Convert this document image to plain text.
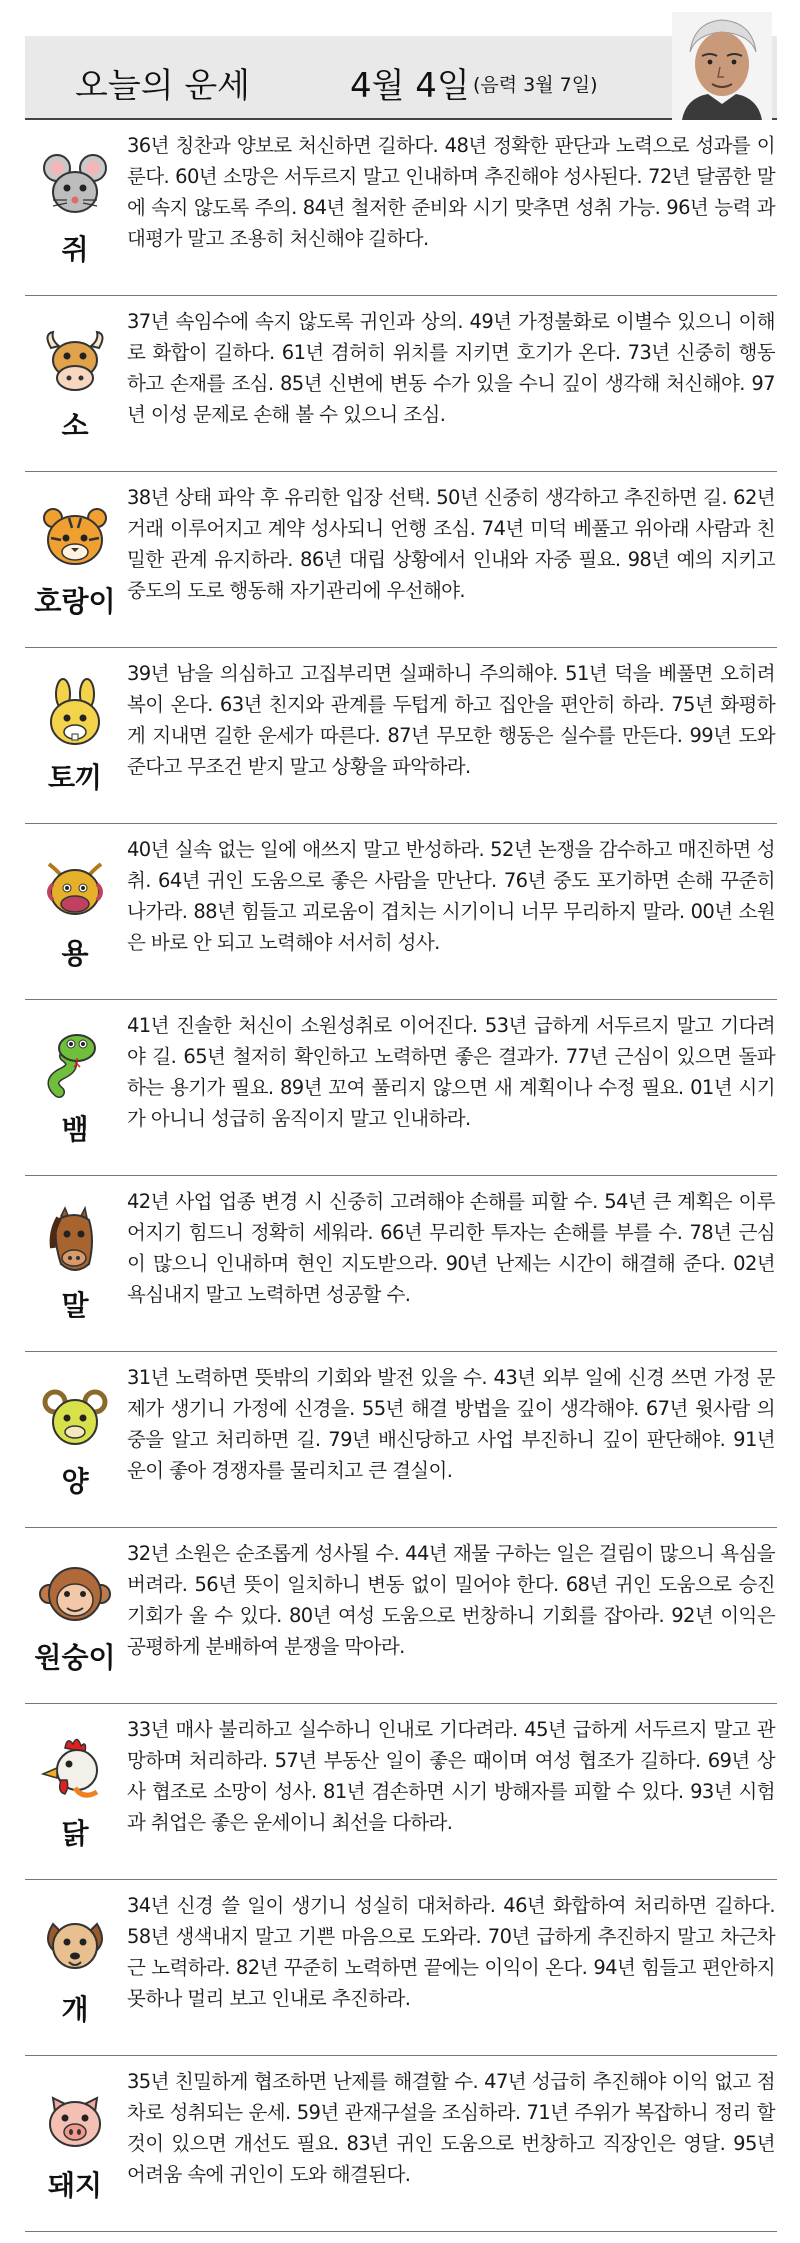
오늘의 운세	4월 4일 (음력 3월 7일)
쥐
36년 칭찬과 양보로 처신하면 길하다. 48년 정확한 판단과 노력으로 성과를 이룬다. 60년 소망은 서두르지 말고 인내하며 추진해야 성사된다. 72년 달콤한 말에 속지 않도록 주의. 84년 철저한 준비와 시기 맞추면 성취 가능. 96년 능력 과대평가 말고 조용히 처신해야 길하다.
소
37년 속임수에 속지 않도록 귀인과 상의. 49년 가정불화로 이별수 있으니 이해로 화합이 길하다. 61년 겸허히 위치를 지키면 호기가 온다. 73년 신중히 행동하고 손재를 조심. 85년 신변에 변동 수가 있을 수니 깊이 생각해 처신해야. 97년 이성 문제로 손해 볼 수 있으니 조심.
호랑이
38년 상태 파악 후 유리한 입장 선택. 50년 신중히 생각하고 추진하면 길. 62년 거래 이루어지고 계약 성사되니 언행 조심. 74년 미덕 베풀고 위아래 사람과 친밀한 관계 유지하라. 86년 대립 상황에서 인내와 자중 필요. 98년 예의 지키고 중도의 도로 행동해 자기관리에 우선해야.
토끼
39년 남을 의심하고 고집부리면 실패하니 주의해야. 51년 덕을 베풀면 오히려 복이 온다. 63년 친지와 관계를 두텁게 하고 집안을 편안히 하라. 75년 화평하게 지내면 길한 운세가 따른다. 87년 무모한 행동은 실수를 만든다. 99년 도와준다고 무조건 받지 말고 상황을 파악하라.
용
40년 실속 없는 일에 애쓰지 말고 반성하라. 52년 논쟁을 감수하고 매진하면 성취. 64년 귀인 도움으로 좋은 사람을 만난다. 76년 중도 포기하면 손해 꾸준히 나가라. 88년 힘들고 괴로움이 겹치는 시기이니 너무 무리하지 말라. 00년 소원은 바로 안 되고 노력해야 서서히 성사.
뱀
41년 진솔한 처신이 소원성취로 이어진다. 53년 급하게 서두르지 말고 기다려야 길. 65년 철저히 확인하고 노력하면 좋은 결과가. 77년 근심이 있으면 돌파하는 용기가 필요. 89년 꼬여 풀리지 않으면 새 계획이나 수정 필요. 01년 시기가 아니니 성급히 움직이지 말고 인내하라.
말
42년 사업 업종 변경 시 신중히 고려해야 손해를 피할 수. 54년 큰 계획은 이루어지기 힘드니 정확히 세워라. 66년 무리한 투자는 손해를 부를 수. 78년 근심이 많으니 인내하며 현인 지도받으라. 90년 난제는 시간이 해결해 준다. 02년 욕심내지 말고 노력하면 성공할 수.
양
31년 노력하면 뜻밖의 기회와 발전 있을 수. 43년 외부 일에 신경 쓰면 가정 문제가 생기니 가정에 신경을. 55년 해결 방법을 깊이 생각해야. 67년 윗사람 의중을 알고 처리하면 길. 79년 배신당하고 사업 부진하니 깊이 판단해야. 91년 운이 좋아 경쟁자를 물리치고 큰 결실이.
원숭이
32년 소원은 순조롭게 성사될 수. 44년 재물 구하는 일은 걸림이 많으니 욕심을 버려라. 56년 뜻이 일치하니 변동 없이 밀어야 한다. 68년 귀인 도움으로 승진 기회가 올 수 있다. 80년 여성 도움으로 번창하니 기회를 잡아라. 92년 이익은 공평하게 분배하여 분쟁을 막아라.
닭
33년 매사 불리하고 실수하니 인내로 기다려라. 45년 급하게 서두르지 말고 관망하며 처리하라. 57년 부동산 일이 좋은 때이며 여성 협조가 길하다. 69년 상사 협조로 소망이 성사. 81년 겸손하면 시기 방해자를 피할 수 있다. 93년 시험과 취업은 좋은 운세이니 최선을 다하라.
개
34년 신경 쓸 일이 생기니 성실히 대처하라. 46년 화합하여 처리하면 길하다. 58년 생색내지 말고 기쁜 마음으로 도와라. 70년 급하게 추진하지 말고 차근차근 노력하라. 82년 꾸준히 노력하면 끝에는 이익이 온다. 94년 힘들고 편안하지 못하나 멀리 보고 인내로 추진하라.
돼지
35년 친밀하게 협조하면 난제를 해결할 수. 47년 성급히 추진해야 이익 없고 점차로 성취되는 운세. 59년 관재구설을 조심하라. 71년 주위가 복잡하니 정리 할 것이 있으면 개선도 필요. 83년 귀인 도움으로 번창하고 직장인은 영달. 95년 어려움 속에 귀인이 도와 해결된다.
